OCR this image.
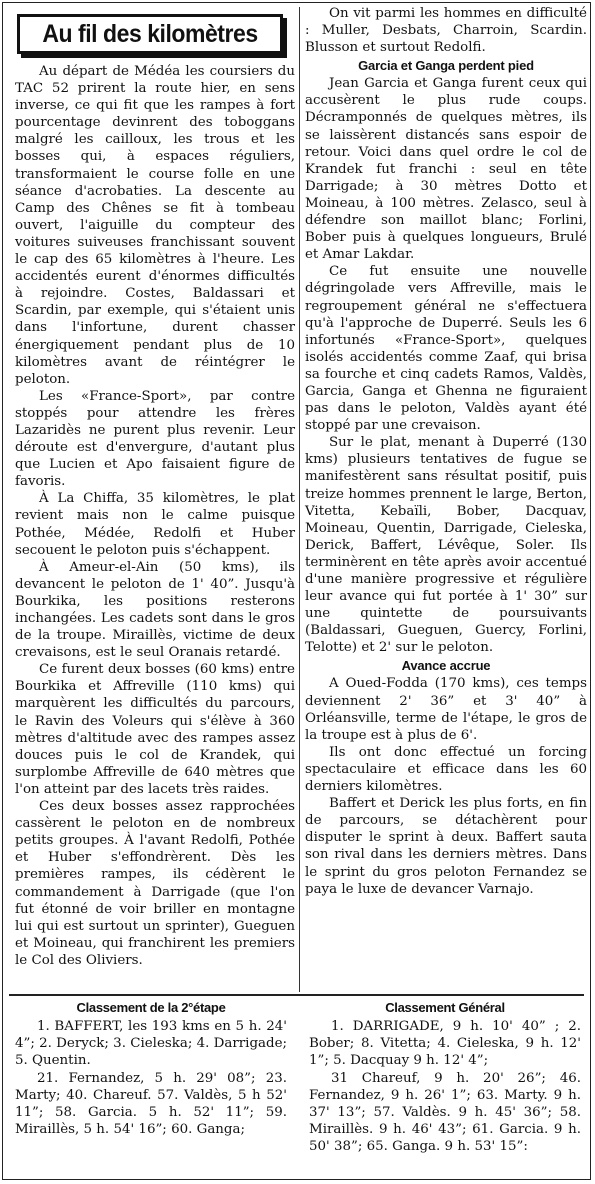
Au fil des kilomètres

Au départ de Médéa les coursiers du TAC 52 prirent la route hier, en sens inverse, ce qui fit que les rampes à fort pourcentage devinrent des toboggans malgré les cailloux, les trous et les bosses qui, à espaces réguliers, transformaient le course folle en une séance d'acrobaties. La descente au Camp des Chênes se fit à tombeau ouvert, l'aiguille du compteur des voitures suiveuses franchissant souvent le cap des 65 kilomètres à l'heure. Les accidentés eurent d'énormes difficultés à rejoindre. Costes, Baldassari et Scardin, par exemple, qui s'étaient unis dans l'infortune, durent chasser énergiquement pendant plus de 10 kilomètres avant de réintégrer le peloton.

Les «France-Sport», par contre stoppés pour attendre les frères Lazaridès ne purent plus revenir. Leur déroute est d'envergure, d'autant plus que Lucien et Apo faisaient figure de favoris.

À La Chiffa, 35 kilomètres, le plat revient mais non le calme puisque Pothée, Médée, Redolfi et Huber secouent le peloton puis s'échappent.

À Ameur-el-Ain (50 kms), ils devancent le peloton de 1' 40”. Jusqu'à Bourkika, les positions resterons inchangées. Les cadets sont dans le gros de la troupe. Miraillès, victime de deux crevaisons, est le seul Oranais retardé.

Ce furent deux bosses (60 kms) entre Bourkika et Affreville (110 kms) qui marquèrent les difficultés du parcours, le Ravin des Voleurs qui s'élève à 360 mètres d'altitude avec des rampes assez douces puis le col de Krandek, qui surplombe Affreville de 640 mètres que l'on atteint par des lacets très raides.

Ces deux bosses assez rapprochées cassèrent le peloton en de nombreux petits groupes. À l'avant Redolfi, Pothée et Huber s'effondrèrent. Dès les premières rampes, ils cédèrent le commandement à Darrigade (que l'on fut étonné de voir briller en montagne lui qui est surtout un sprinter), Gueguen et Moineau, qui franchirent les premiers le Col des Oliviers.

On vit parmi les hommes en difficulté : Muller, Desbats, Charroin, Scardin. Blusson et surtout Redolfi.

Garcia et Ganga perdent pied

Jean Garcia et Ganga furent ceux qui accusèrent le plus rude coups. Décramponnés de quelques mètres, ils se laissèrent distancés sans espoir de retour. Voici dans quel ordre le col de Krandek fut franchi : seul en tête Darrigade; à 30 mètres Dotto et Moineau, à 100 mètres. Zelasco, seul à défendre son maillot blanc; Forlini, Bober puis à quelques longueurs, Brulé et Amar Lakdar.

Ce fut ensuite une nouvelle dégringolade vers Affreville, mais le regroupement général ne s'effectuera qu'à l'approche de Duperré. Seuls les 6 infortunés «France-Sport», quelques isolés accidentés comme Zaaf, qui brisa sa fourche et cinq cadets Ramos, Valdès, Garcia, Ganga et Ghenna ne figuraient pas dans le peloton, Valdès ayant été stoppé par une crevaison.

Sur le plat, menant à Duperré (130 kms) plusieurs tentatives de fugue se manifestèrent sans résultat positif, puis treize hommes prennent le large, Berton, Vitetta, Kebaïli, Bober, Dacquav, Moineau, Quentin, Darrigade, Cieleska, Derick, Baffert, Lévêque, Soler. Ils terminèrent en tête après avoir accentué d'une manière progressive et régulière leur avance qui fut portée à 1' 30” sur une quintette de poursuivants (Baldassari, Gueguen, Guercy, Forlini, Telotte) et 2' sur le peloton.

Avance accrue

A Oued-Fodda (170 kms), ces temps deviennent 2' 36” et 3' 40” à Orléansville, terme de l'étape, le gros de la troupe est à plus de 6'.

Ils ont donc effectué un forcing spectaculaire et efficace dans les 60 derniers kilomètres.

Baffert et Derick les plus forts, en fin de parcours, se détachèrent pour disputer le sprint à deux. Baffert sauta son rival dans les derniers mètres. Dans le sprint du gros peloton Fernandez se paya le luxe de devancer Varnajo.

Classement de la 2°étape

1. BAFFERT, les 193 kms en 5 h. 24' 4”; 2. Deryck; 3. Cieleska; 4. Darrigade; 5. Quentin.

21. Fernandez, 5 h. 29' 08”; 23. Marty; 40. Chareuf. 57. Valdès, 5 h 52' 11”; 58. Garcia. 5 h. 52' 11”; 59. Miraillès, 5 h. 54' 16”; 60. Ganga;

Classement Général

1. DARRIGADE, 9 h. 10' 40” ; 2. Bober; 8. Vitetta; 4. Cieleska, 9 h. 12' 1”; 5. Dacquay 9 h. 12' 4”;

31 Chareuf, 9 h. 20' 26”; 46. Fernandez, 9 h. 26' 1”; 63. Marty. 9 h. 37' 13”; 57. Valdès. 9 h. 45' 36”; 58. Miraillès. 9 h. 46' 43”; 61. Garcia. 9 h. 50' 38”; 65. Ganga. 9 h. 53' 15”:
